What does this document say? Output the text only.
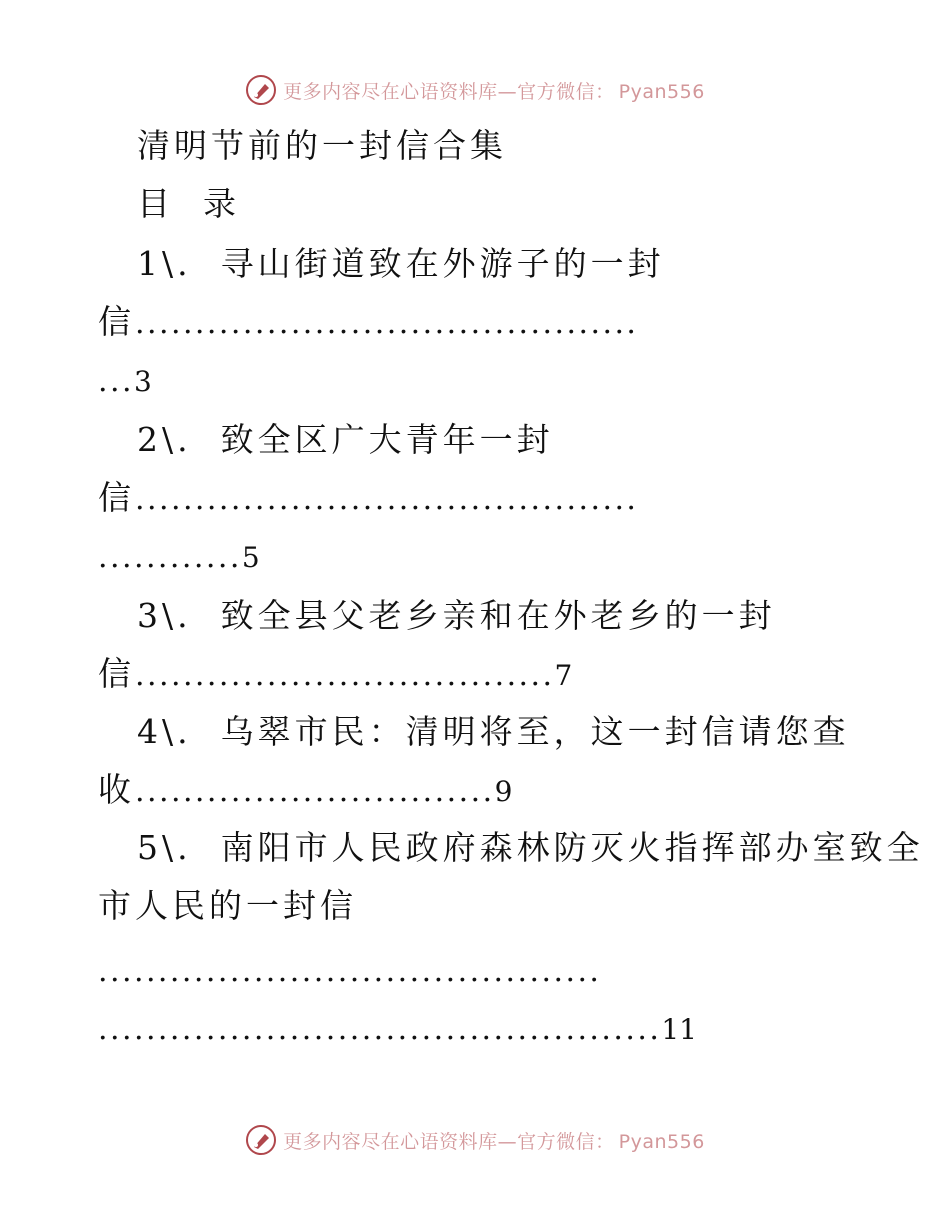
更多内容尽在心语资料库—官方微信： Pyan556
清明节前的一封信合集
目  录
1\.  寻山街道致在外游子的一封
信..........................................
...3
2\.  致全区广大青年一封
信..........................................
............5
3\.  致全县父老乡亲和在外老乡的一封
信...................................7
4\.  乌翠市民：清明将至，这一封信请您查
收..............................9
5\.  南阳市人民政府森林防灭火指挥部办室致全
市人民的一封信
..........................................
...............................................11
更多内容尽在心语资料库—官方微信： Pyan556
